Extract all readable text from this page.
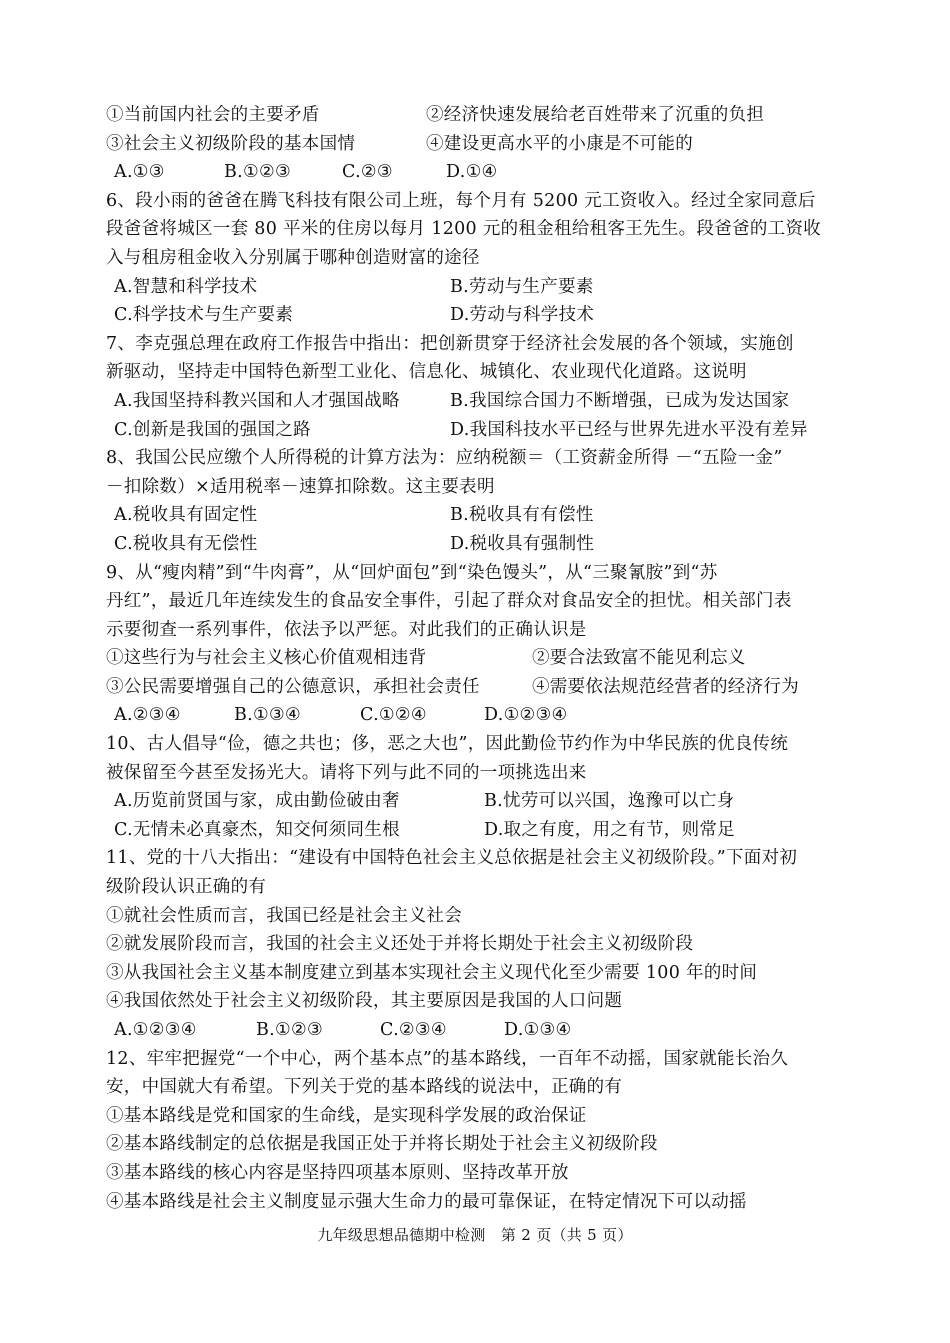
①当前国内社会的主要矛盾	②经济快速发展给老百姓带来了沉重的负担
③社会主义初级阶段的基本国情	④建设更高水平的小康是不可能的
A.①③	B.①②③	C.②③	D.①④
6、段小雨的爸爸在腾飞科技有限公司上班，每个月有 5200 元工资收入。经过全家同意后
段爸爸将城区一套 80 平米的住房以每月 1200 元的租金租给租客王先生。段爸爸的工资收
入与租房租金收入分别属于哪种创造财富的途径
A.智慧和科学技术	B.劳动与生产要素
C.科学技术与生产要素	D.劳动与科学技术
7、李克强总理在政府工作报告中指出：把创新贯穿于经济社会发展的各个领域，实施创
新驱动，坚持走中国特色新型工业化、信息化、城镇化、农业现代化道路。这说明
A.我国坚持科教兴国和人才强国战略	B.我国综合国力不断增强，已成为发达国家
C.创新是我国的强国之路	D.我国科技水平已经与世界先进水平没有差异
8、我国公民应缴个人所得税的计算方法为：应纳税额＝（工资薪金所得 －“五险一金”
－扣除数）×适用税率－速算扣除数。这主要表明
A.税收具有固定性	B.税收具有有偿性
C.税收具有无偿性	D.税收具有强制性
9、从“瘦肉精”到“牛肉膏”，从“回炉面包”到“染色馒头”，从“三聚氰胺”到“苏
丹红”，最近几年连续发生的食品安全事件，引起了群众对食品安全的担忧。相关部门表
示要彻查一系列事件，依法予以严惩。对此我们的正确认识是
①这些行为与社会主义核心价值观相违背	②要合法致富不能见利忘义
③公民需要增强自己的公德意识，承担社会责任	④需要依法规范经营者的经济行为
A.②③④	B.①③④	C.①②④	D.①②③④
10、古人倡导“俭，德之共也；侈，恶之大也”，因此勤俭节约作为中华民族的优良传统
被保留至今甚至发扬光大。请将下列与此不同的一项挑选出来
A.历览前贤国与家，成由勤俭破由奢	B.忧劳可以兴国，逸豫可以亡身
C.无情未必真豪杰，知交何须同生根	D.取之有度，用之有节，则常足
11、党的十八大指出：“建设有中国特色社会主义总依据是社会主义初级阶段。”下面对初
级阶段认识正确的有
①就社会性质而言，我国已经是社会主义社会
②就发展阶段而言，我国的社会主义还处于并将长期处于社会主义初级阶段
③从我国社会主义基本制度建立到基本实现社会主义现代化至少需要 100 年的时间
④我国依然处于社会主义初级阶段，其主要原因是我国的人口问题
A.①②③④	B.①②③	C.②③④	D.①③④
12、牢牢把握党“一个中心，两个基本点”的基本路线，一百年不动摇，国家就能长治久
安，中国就大有希望。下列关于党的基本路线的说法中，正确的有
①基本路线是党和国家的生命线，是实现科学发展的政治保证
②基本路线制定的总依据是我国正处于并将长期处于社会主义初级阶段
③基本路线的核心内容是坚持四项基本原则、坚持改革开放
④基本路线是社会主义制度显示强大生命力的最可靠保证，在特定情况下可以动摇
九年级思想品德期中检测　第 2 页（共 5 页）
